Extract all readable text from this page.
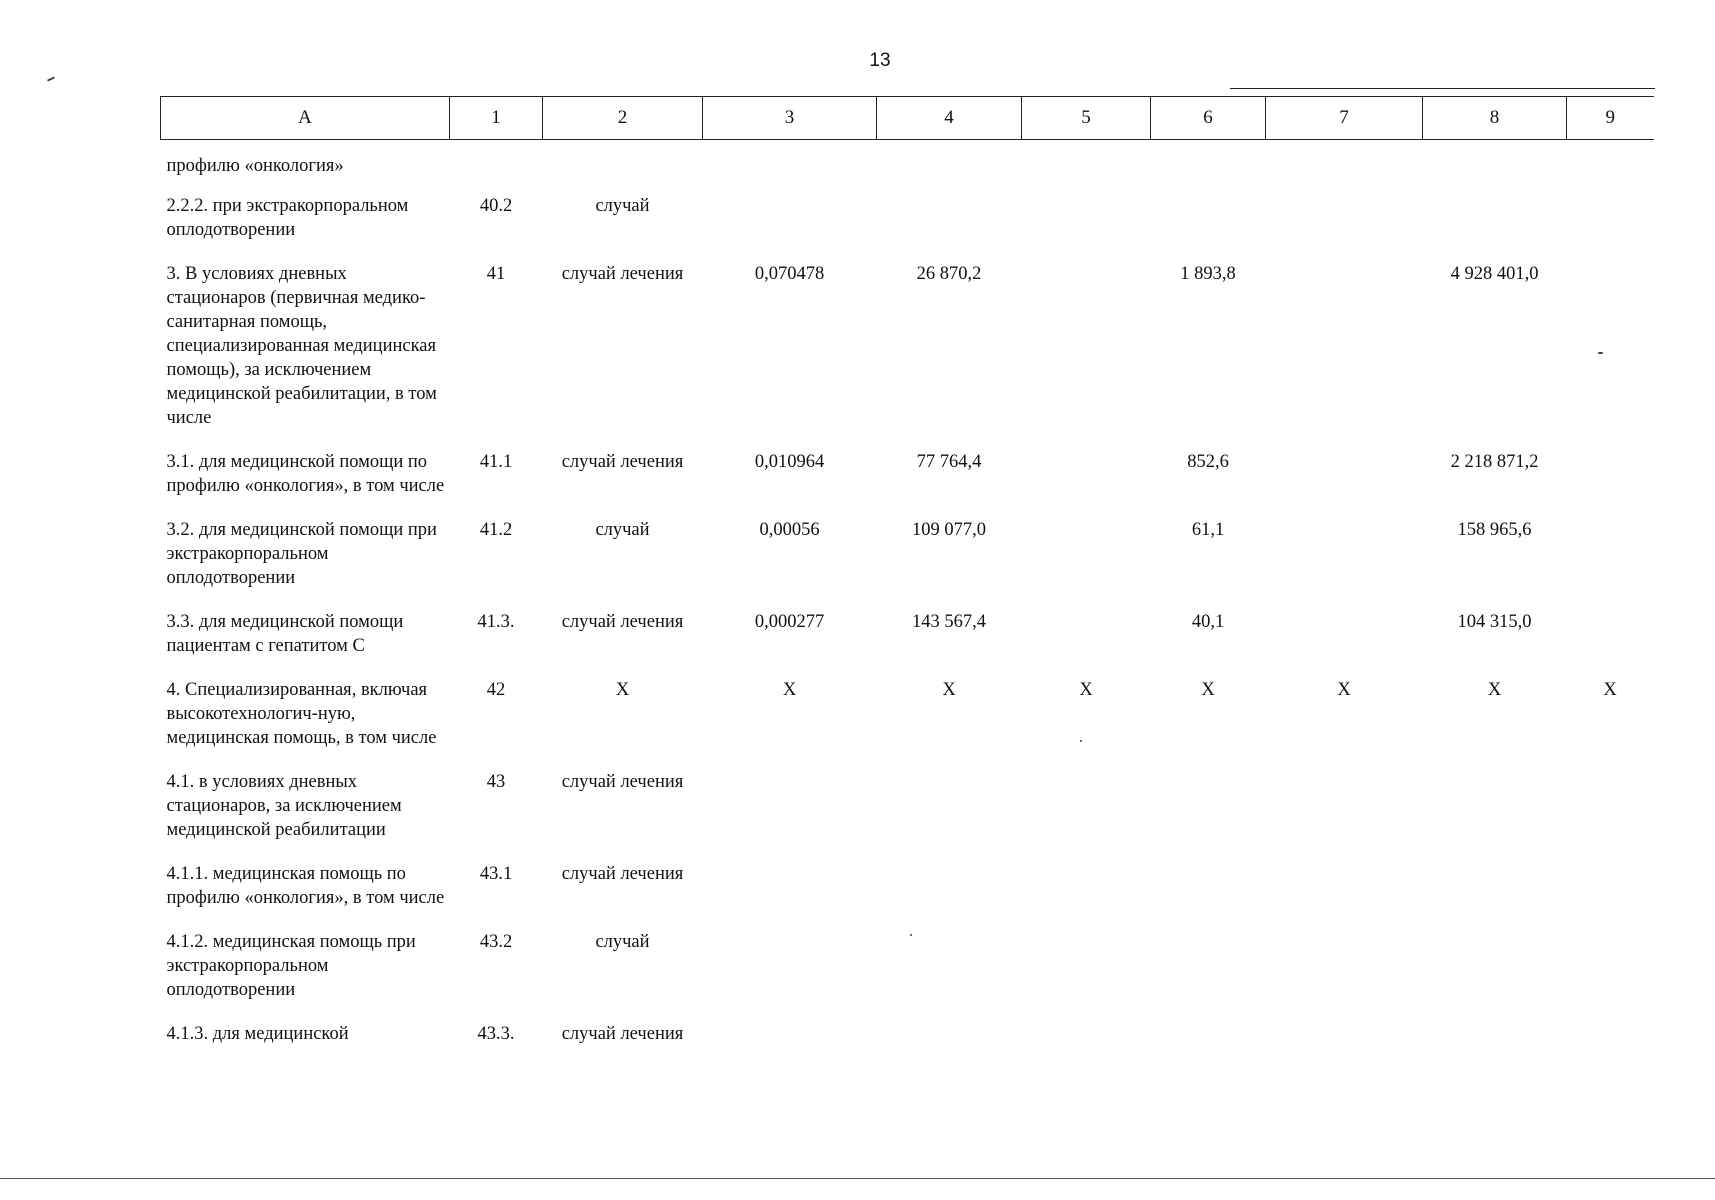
13
А	1	2	3	4	5	6	7	8	9
профилю «онкология»									
2.2.2. при экстракорпоральном оплодотворении	40.2	случай							
3. В условиях дневных стационаров (первичная медико-санитарная помощь, специализированная медицинская помощь), за исключением медицинской реабилитации, в том числе	41	случай лечения	0,070478	26 870,2		1 893,8		4 928 401,0	
3.1. для медицинской помощи по профилю «онкология», в том числе	41.1	случай лечения	0,010964	77 764,4		852,6		2 218 871,2	
3.2. для медицинской помощи при экстракорпоральном оплодотворении	41.2	случай	0,00056	109 077,0		61,1		158 965,6	
3.3. для медицинской помощи пациентам с гепатитом С	41.3.	случай лечения	0,000277	143 567,4		40,1		104 315,0	
4. Специализированная, включая высокотехнологич-ную, медицинская помощь, в том числе	42	Х	Х	Х	Х	Х	Х	Х	Х
4.1. в условиях дневных стационаров, за исключением медицинской реабилитации	43	случай лечения							
4.1.1. медицинская помощь по профилю «онкология», в том числе	43.1	случай лечения							
4.1.2. медицинская помощь при экстракорпоральном оплодотворении	43.2	случай							
4.1.3. для медицинской	43.3.	случай лечения							
